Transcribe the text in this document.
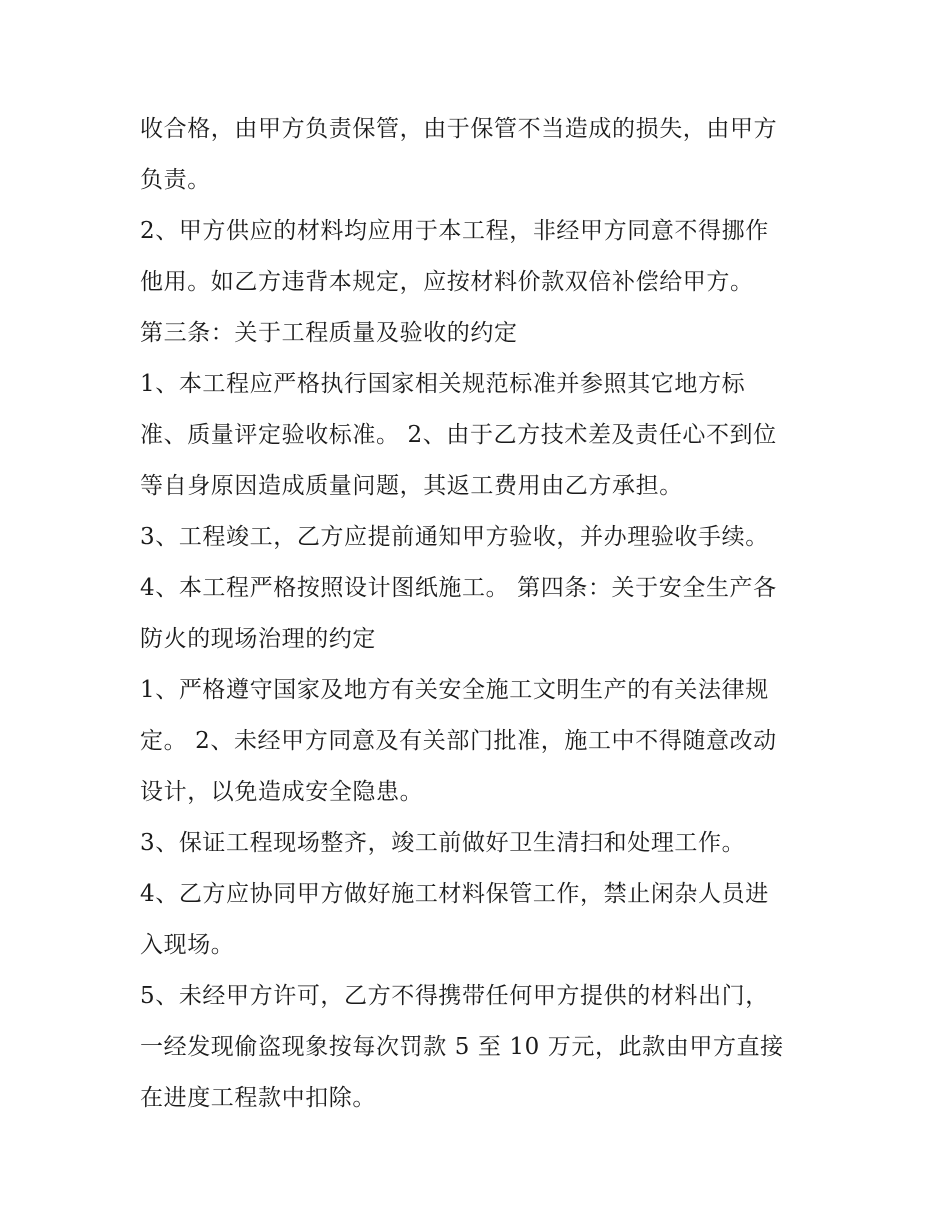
收合格，由甲方负责保管，由于保管不当造成的损失，由甲方
负责。
2、甲方供应的材料均应用于本工程，非经甲方同意不得挪作
他用。如乙方违背本规定，应按材料价款双倍补偿给甲方。
第三条：关于工程质量及验收的约定
1、本工程应严格执行国家相关规范标准并参照其它地方标
准、质量评定验收标准。 2、由于乙方技术差及责任心不到位
等自身原因造成质量问题，其返工费用由乙方承担。
3、工程竣工，乙方应提前通知甲方验收，并办理验收手续。
4、本工程严格按照设计图纸施工。 第四条：关于安全生产各
防火的现场治理的约定
1、严格遵守国家及地方有关安全施工文明生产的有关法律规
定。 2、未经甲方同意及有关部门批准，施工中不得随意改动
设计，以免造成安全隐患。
3、保证工程现场整齐，竣工前做好卫生清扫和处理工作。
4、乙方应协同甲方做好施工材料保管工作，禁止闲杂人员进
入现场。
5、未经甲方许可，乙方不得携带任何甲方提供的材料出门，
一经发现偷盗现象按每次罚款 5 至 10 万元，此款由甲方直接
在进度工程款中扣除。
